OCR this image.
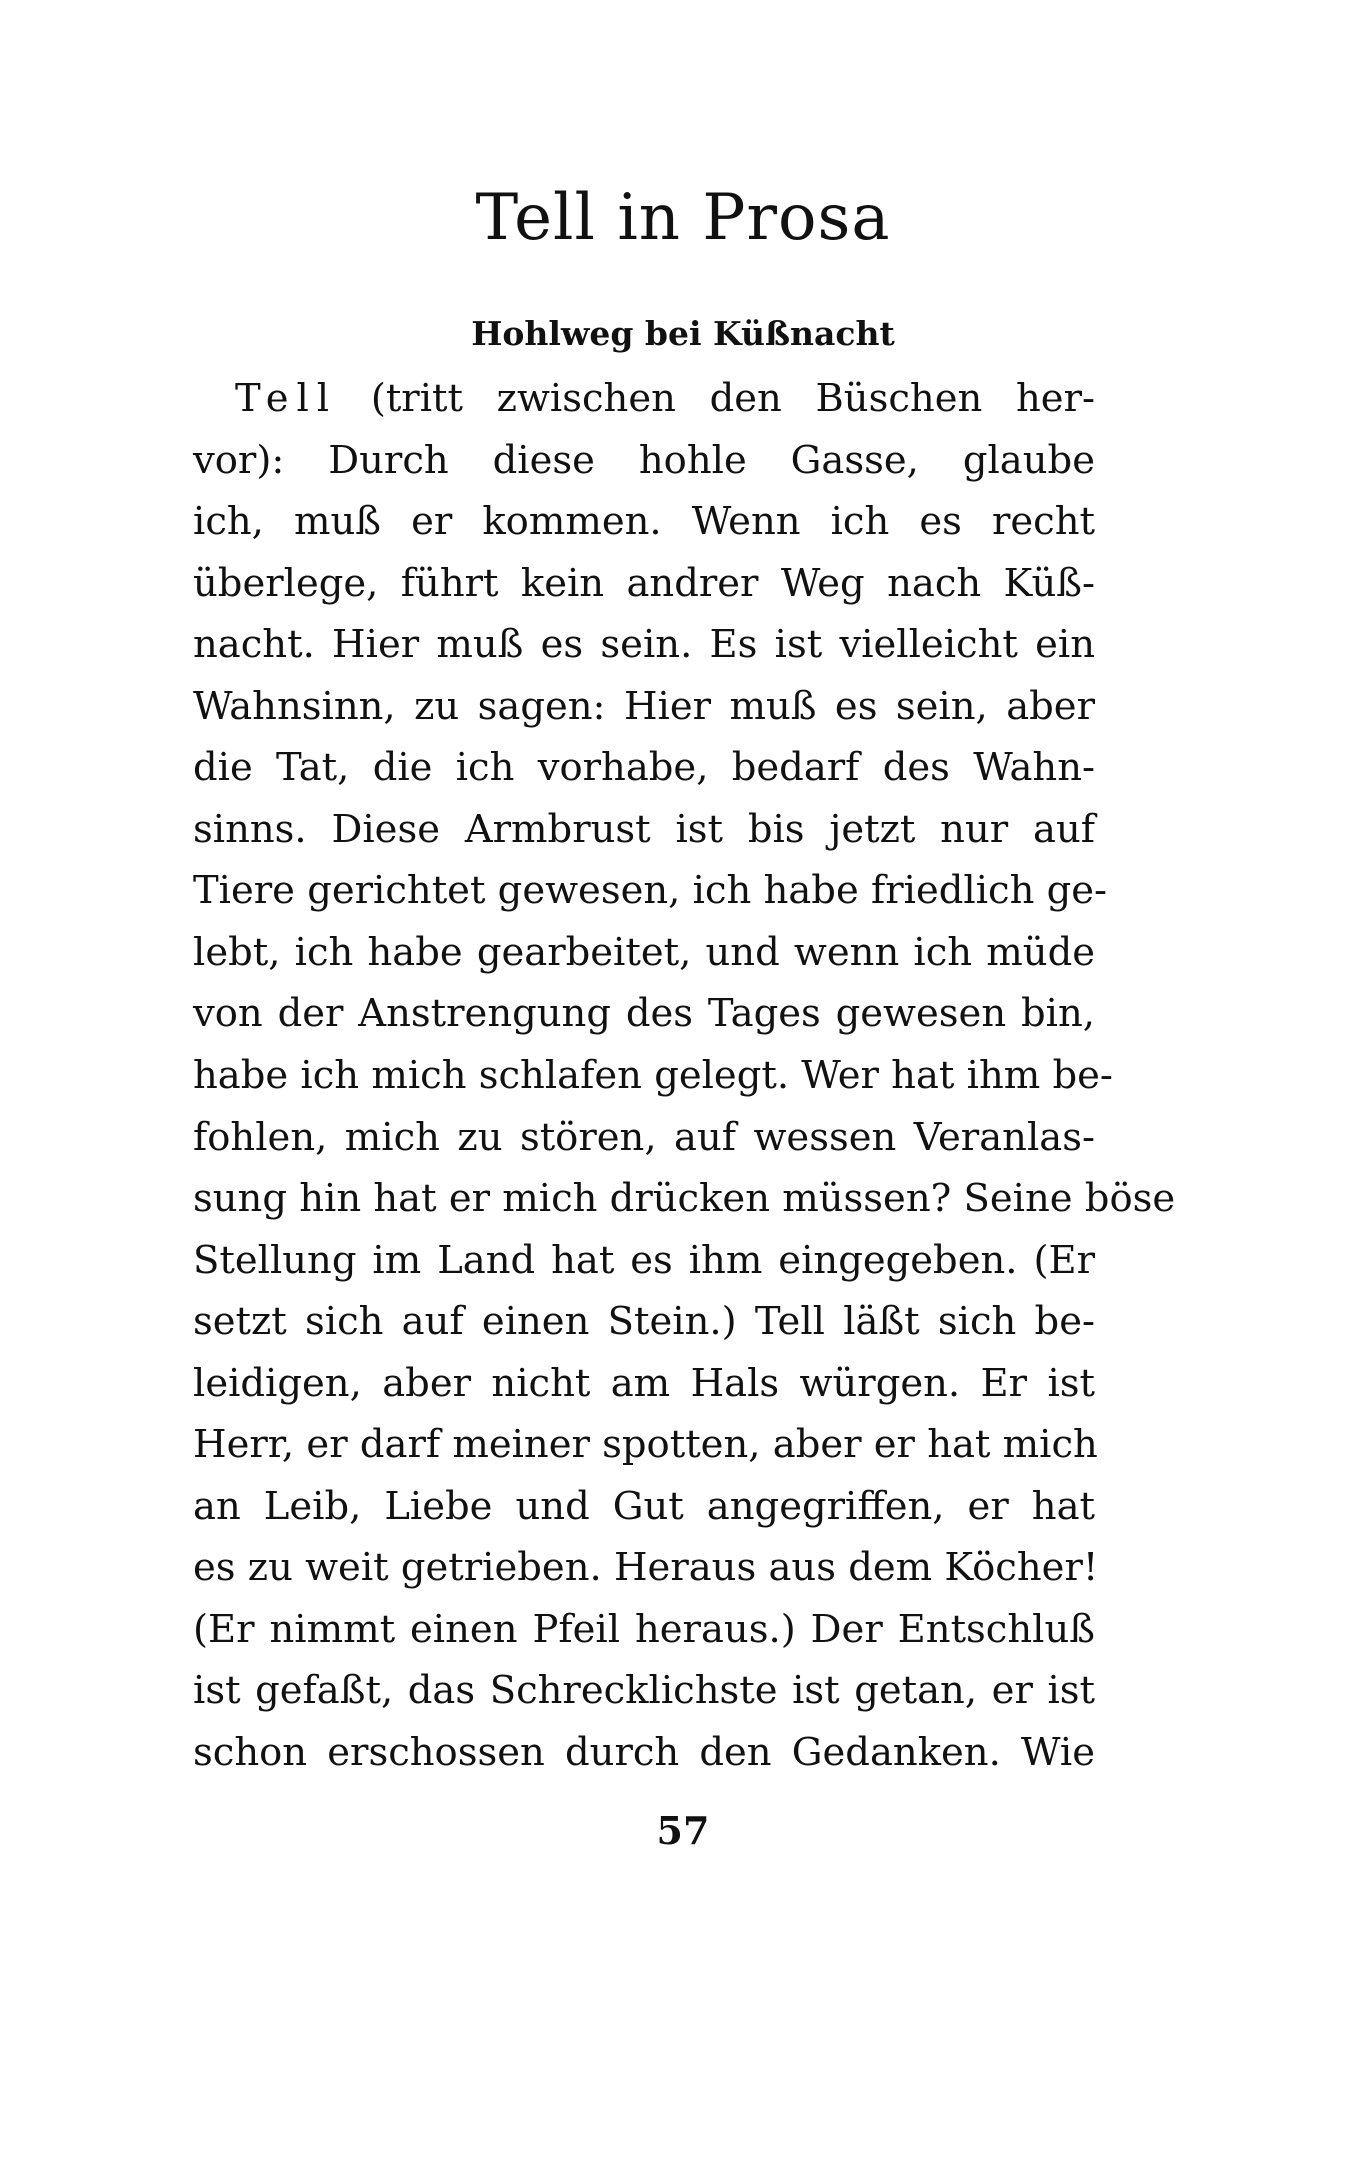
Tell in Prosa
Hohlweg bei Küßnacht
Tell (tritt zwischen den Büschen her-
vor): Durch diese hohle Gasse, glaube
ich, muß er kommen. Wenn ich es recht
überlege, führt kein andrer Weg nach Küß-
nacht. Hier muß es sein. Es ist vielleicht ein
Wahnsinn, zu sagen: Hier muß es sein, aber
die Tat, die ich vorhabe, bedarf des Wahn-
sinns. Diese Armbrust ist bis jetzt nur auf
Tiere gerichtet gewesen, ich habe friedlich ge-
lebt, ich habe gearbeitet, und wenn ich müde
von der Anstrengung des Tages gewesen bin,
habe ich mich schlafen gelegt. Wer hat ihm be-
fohlen, mich zu stören, auf wessen Veranlas-
sung hin hat er mich drücken müssen? Seine böse
Stellung im Land hat es ihm eingegeben. (Er
setzt sich auf einen Stein.) Tell läßt sich be-
leidigen, aber nicht am Hals würgen. Er ist
Herr, er darf meiner spotten, aber er hat mich
an Leib, Liebe und Gut angegriffen, er hat
es zu weit getrieben. Heraus aus dem Köcher!
(Er nimmt einen Pfeil heraus.) Der Entschluß
ist gefaßt, das Schrecklichste ist getan, er ist
schon erschossen durch den Gedanken. Wie
57
